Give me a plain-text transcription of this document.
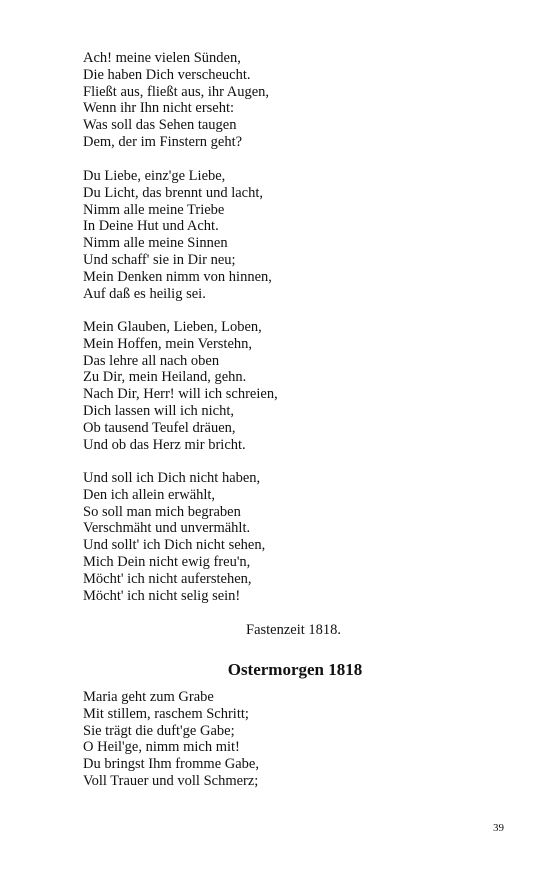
Ach! meine vielen Sünden,
Die haben Dich verscheucht.
Fließt aus, fließt aus, ihr Augen,
Wenn ihr Ihn nicht erseht:
Was soll das Sehen taugen
Dem, der im Finstern geht?
Du Liebe, einz'ge Liebe,
Du Licht, das brennt und lacht,
Nimm alle meine Triebe
In Deine Hut und Acht.
Nimm alle meine Sinnen
Und schaff' sie in Dir neu;
Mein Denken nimm von hinnen,
Auf daß es heilig sei.
Mein Glauben, Lieben, Loben,
Mein Hoffen, mein Verstehn,
Das lehre all nach oben
Zu Dir, mein Heiland, gehn.
Nach Dir, Herr! will ich schreien,
Dich lassen will ich nicht,
Ob tausend Teufel dräuen,
Und ob das Herz mir bricht.
Und soll ich Dich nicht haben,
Den ich allein erwählt,
So soll man mich begraben
Verschmäht und unvermählt.
Und sollt' ich Dich nicht sehen,
Mich Dein nicht ewig freu'n,
Möcht' ich nicht auferstehen,
Möcht' ich nicht selig sein!
Fastenzeit 1818.
Ostermorgen 1818
Maria geht zum Grabe
Mit stillem, raschem Schritt;
Sie trägt die duft'ge Gabe;
O Heil'ge, nimm mich mit!
Du bringst Ihm fromme Gabe,
Voll Trauer und voll Schmerz;
39
